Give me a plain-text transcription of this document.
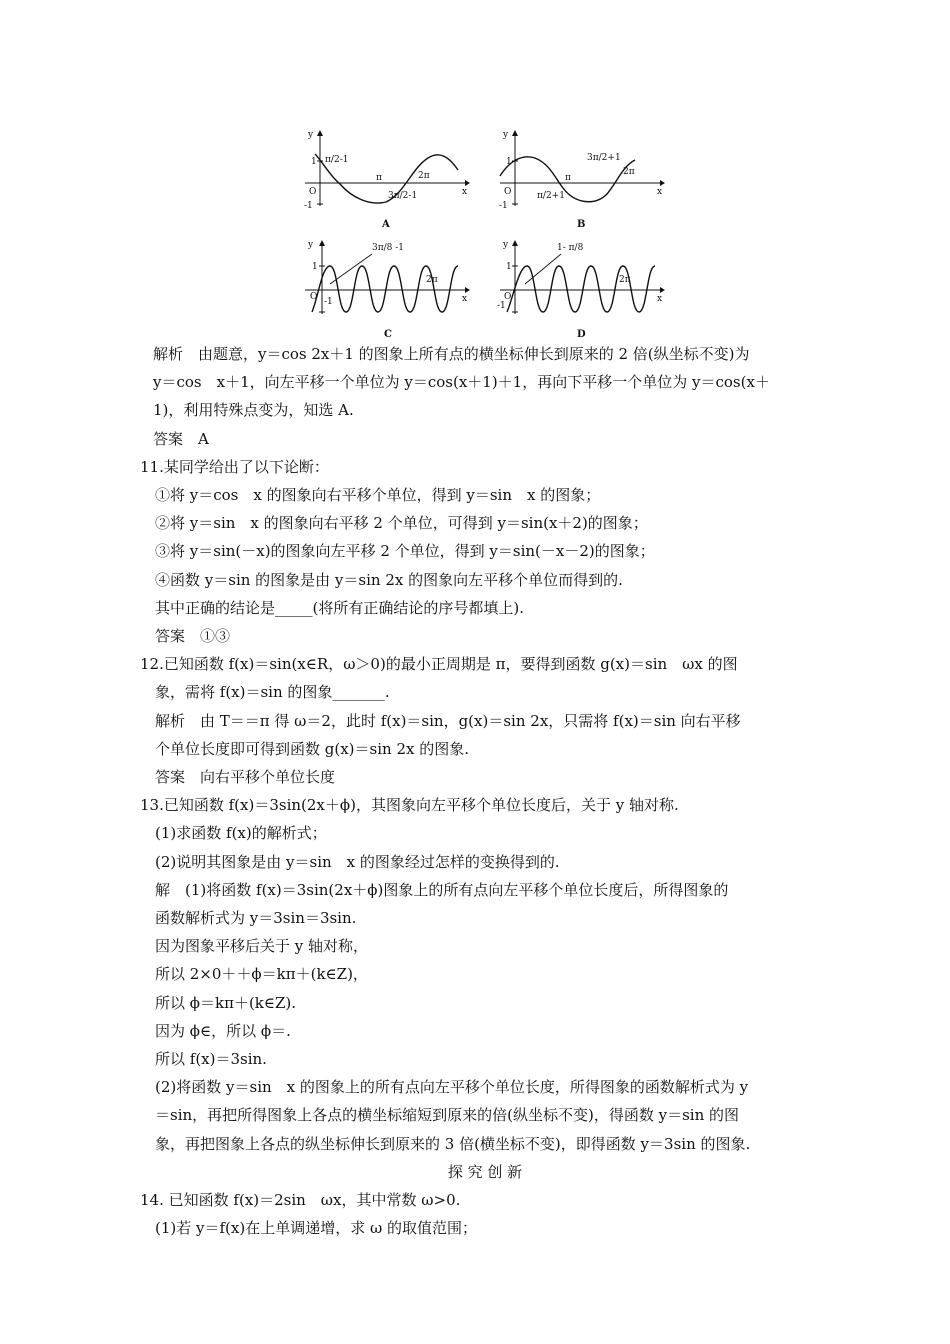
y
x
O
1
-1
π/2-1
π	2π
3π/2-1
A
y
x
O
1
-1
3π/2+1
π
2π
π/2+1
B
y
x
O
1
-1
3π/8 -1
2π
C
y
x
O
1
-1
1- π/8
2π
D
解析　由题意，y＝cos 2x＋1 的图象上所有点的横坐标伸长到原来的 2 倍(纵坐标不变)为
y＝cos　x＋1，向左平移一个单位为 y＝cos(x＋1)＋1，再向下平移一个单位为 y＝cos(x＋
1)，利用特殊点变为，知选 A.
答案　A
11.某同学给出了以下论断：
①将 y＝cos　x 的图象向右平移个单位，得到 y＝sin　x 的图象；
②将 y＝sin　x 的图象向右平移 2 个单位，可得到 y＝sin(x＋2)的图象；
③将 y＝sin(－x)的图象向左平移 2 个单位，得到 y＝sin(－x－2)的图象；
④函数 y＝sin 的图象是由 y＝sin 2x 的图象向左平移个单位而得到的.
其中正确的结论是_____(将所有正确结论的序号都填上).
答案　①③
12.已知函数 f(x)＝sin(x∈R，ω＞0)的最小正周期是 π，要得到函数 g(x)＝sin　ωx 的图
象，需将 f(x)＝sin 的图象_______.
解析　由 T＝＝π 得 ω＝2，此时 f(x)＝sin，g(x)＝sin 2x，只需将 f(x)＝sin 向右平移
个单位长度即可得到函数 g(x)＝sin 2x 的图象.
答案　向右平移个单位长度
13.已知函数 f(x)＝3sin(2x＋ϕ)，其图象向左平移个单位长度后，关于 y 轴对称.
(1)求函数 f(x)的解析式；
(2)说明其图象是由 y＝sin　x 的图象经过怎样的变换得到的.
解　(1)将函数 f(x)＝3sin(2x＋ϕ)图象上的所有点向左平移个单位长度后，所得图象的
函数解析式为 y＝3sin＝3sin.
因为图象平移后关于 y 轴对称，
所以 2×0＋＋ϕ＝kπ＋(k∈Z)，
所以 ϕ＝kπ＋(k∈Z).
因为 ϕ∈，所以 ϕ＝.
所以 f(x)＝3sin.
(2)将函数 y＝sin　x 的图象上的所有点向左平移个单位长度，所得图象的函数解析式为 y
＝sin，再把所得图象上各点的横坐标缩短到原来的倍(纵坐标不变)，得函数 y＝sin 的图
象，再把图象上各点的纵坐标伸长到原来的 3 倍(横坐标不变)，即得函数 y＝3sin 的图象.
探 究 创 新
14. 已知函数 f(x)＝2sin　ωx，其中常数 ω>0.
(1)若 y＝f(x)在上单调递增，求 ω 的取值范围；
